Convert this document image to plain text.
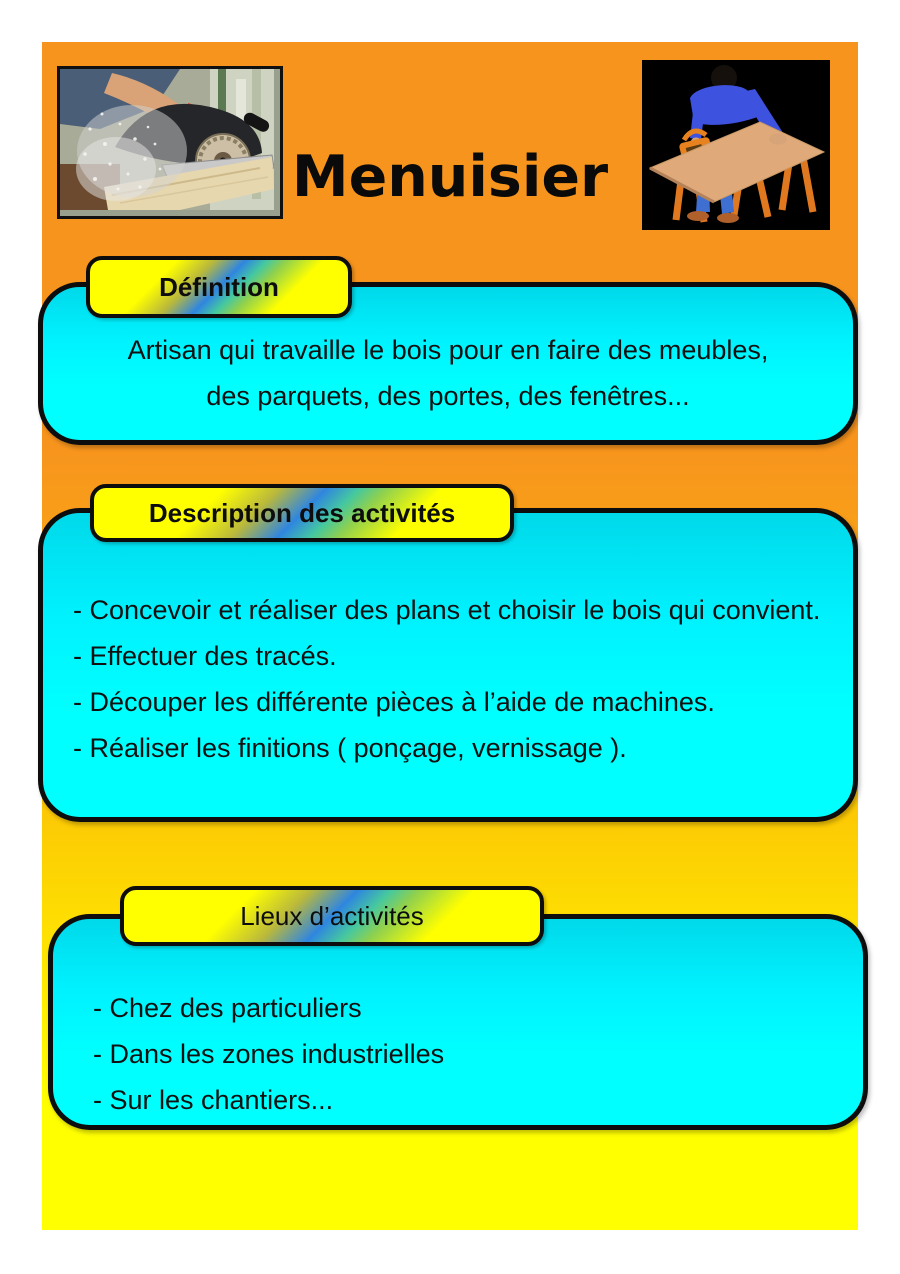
Menuisier
Définition
Artisan qui travaille le bois pour en faire des meubles,
des parquets, des portes, des fenêtres...
Description des activités
- Concevoir et réaliser des plans et choisir le bois qui convient.
- Effectuer des tracés.
- Découper les différente pièces à l’aide de machines.
- Réaliser les finitions ( ponçage, vernissage ).
Lieux d’activités
- Chez des particuliers
- Dans les zones industrielles
- Sur les chantiers...
